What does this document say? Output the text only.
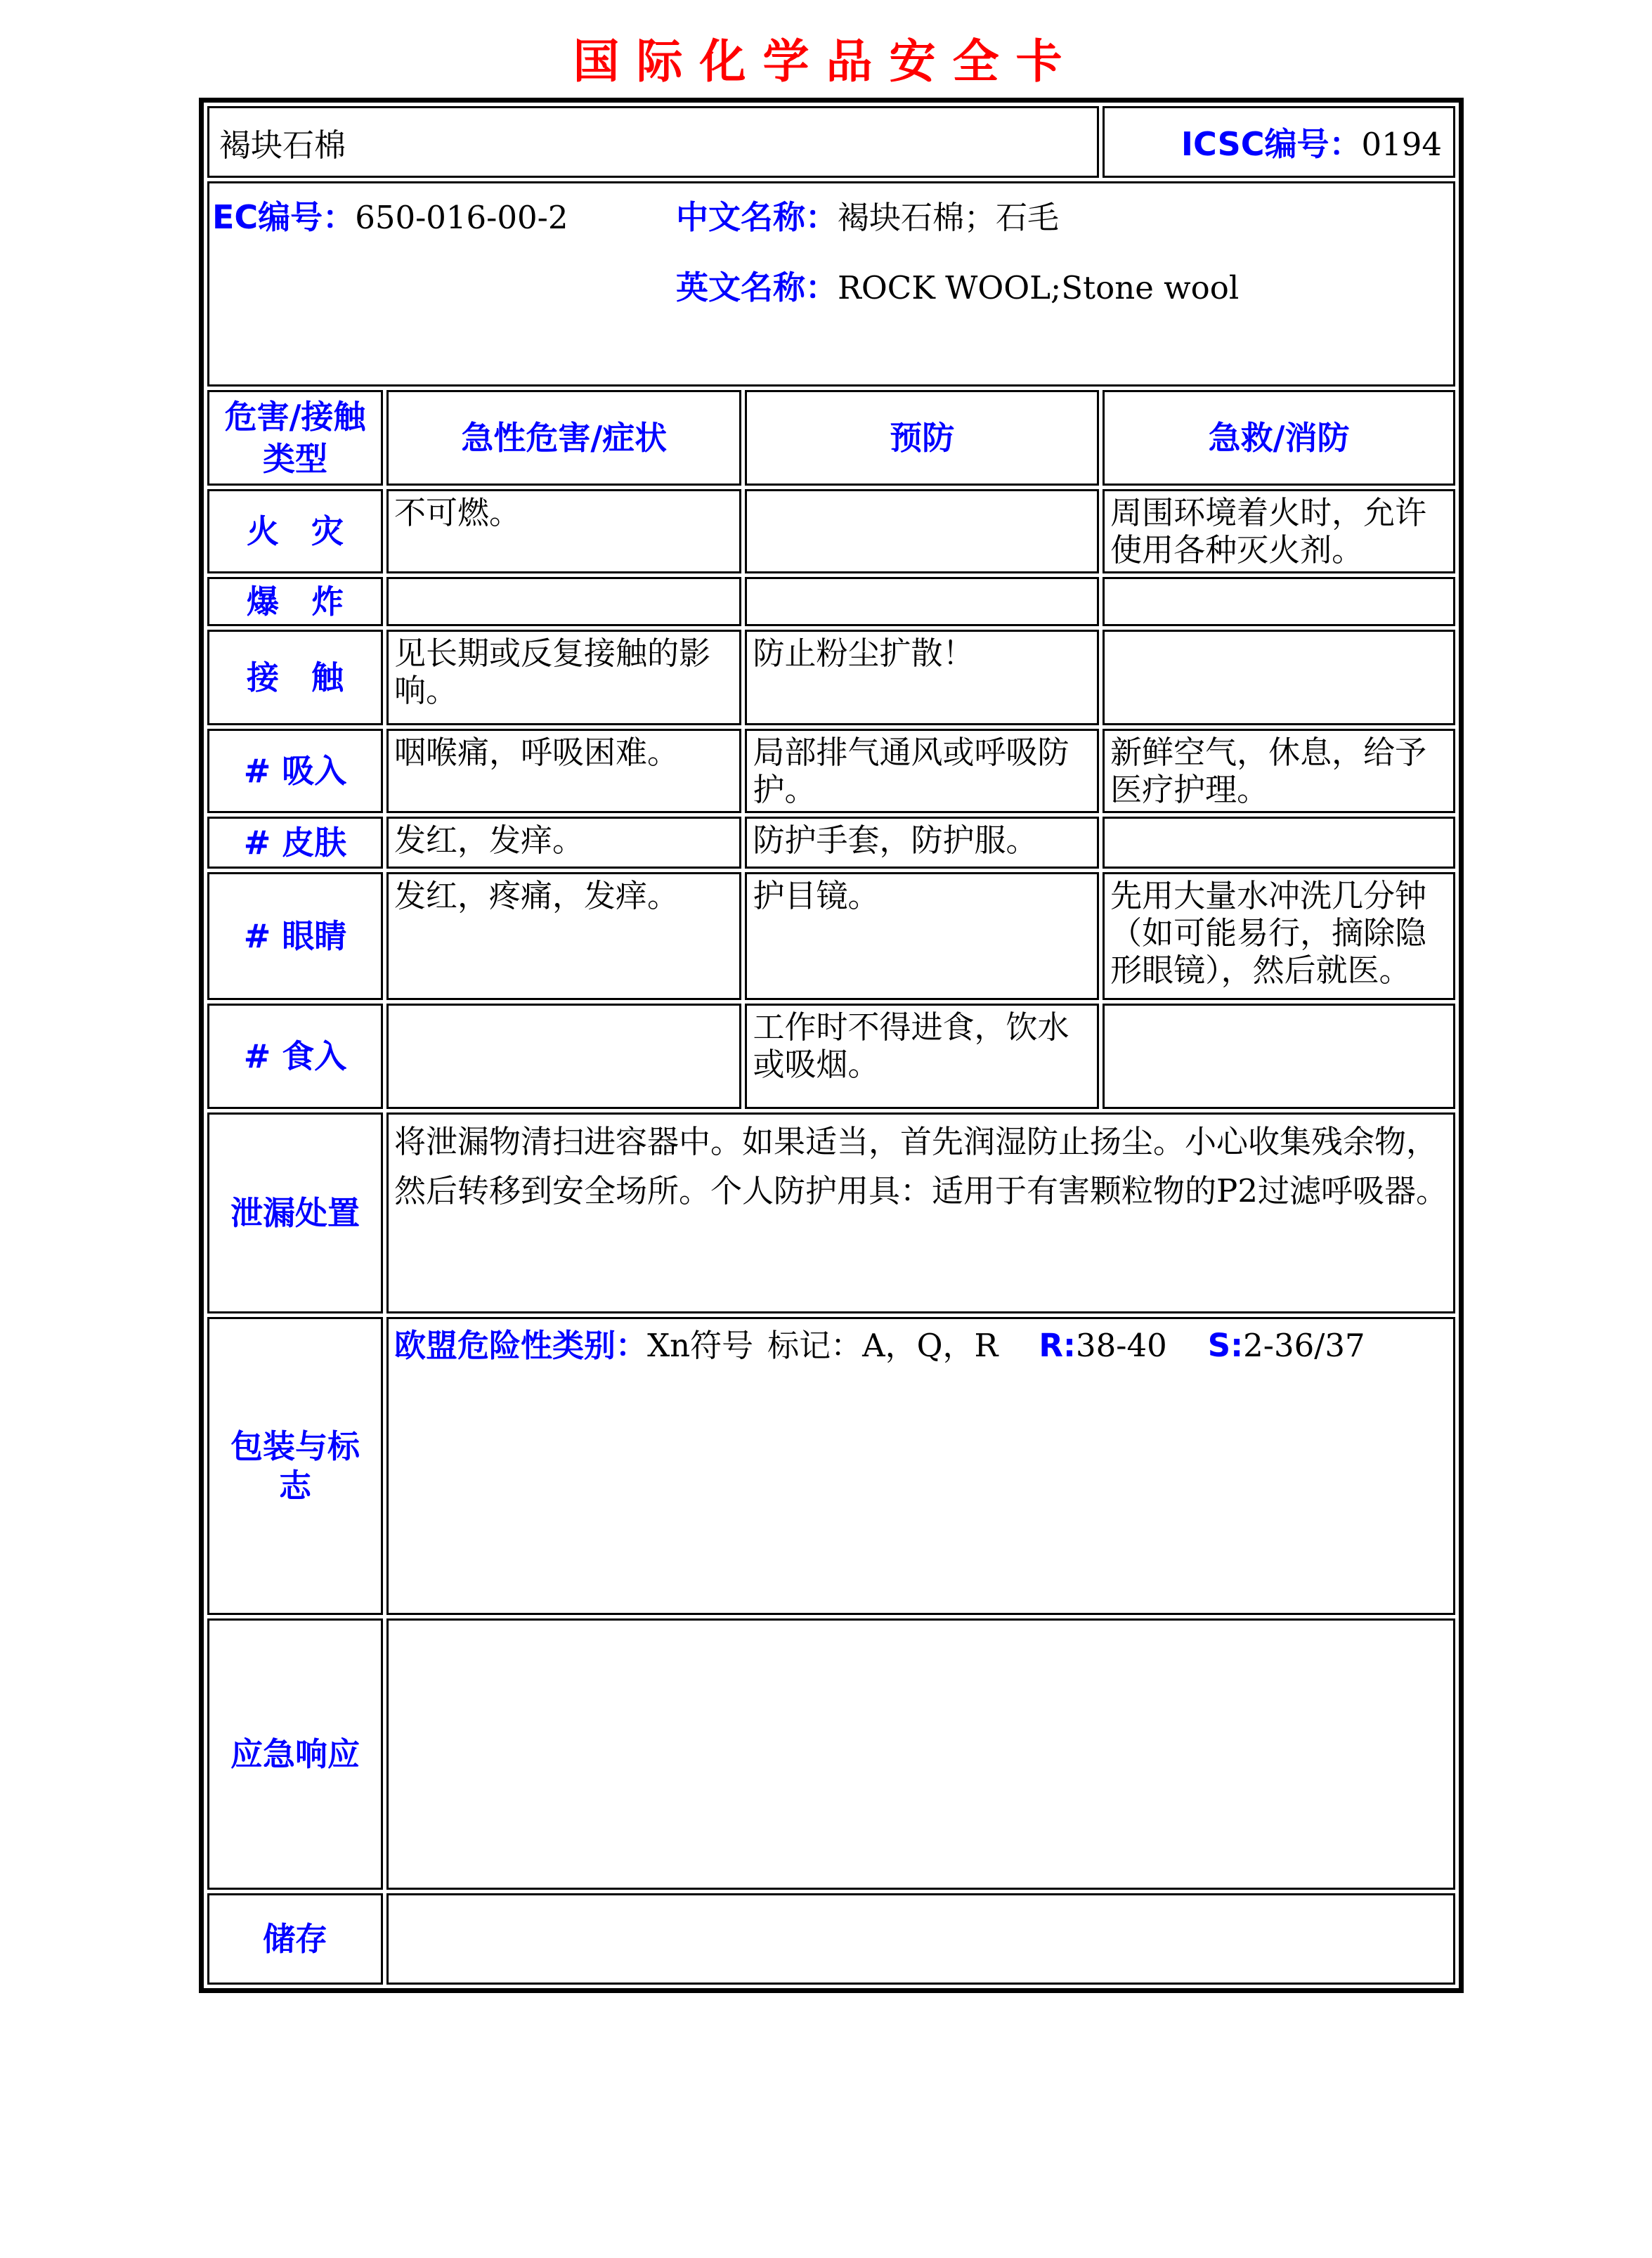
国际化学品安全卡
褐块石棉			ICSC编号：0194

EC编号：650-016-00-2 中文名称：褐块石棉；石毛
英文名称：ROCK WOOL;Stone wool			

危害/接触类型	急性危害/症状	预防	急救/消防
火　灾	不可燃。		周围环境着火时，允许使用各种灭火剂。
爆　炸			
接　触	见长期或反复接触的影响。	防止粉尘扩散！	
# 吸入	咽喉痛，呼吸困难。	局部排气通风或呼吸防护。	新鲜空气，休息，给予医疗护理。
# 皮肤	发红，发痒。	防护手套，防护服。	
# 眼睛	发红，疼痛，发痒。	护目镜。	先用大量水冲洗几分钟（如可能易行，摘除隐形眼镜），然后就医。
# 食入		工作时不得进食，饮水或吸烟。	
泄漏处置	将泄漏物清扫进容器中。如果适当，首先润湿防止扬尘。小心收集残余物，然后转移到安全场所。个人防护用具：适用于有害颗粒物的P2过滤呼吸器。		
包装与标志	欧盟危险性类别：Xn符号 标记：A，Q，R R:38-40 S:2-36/37		
应急响应			
储存			
